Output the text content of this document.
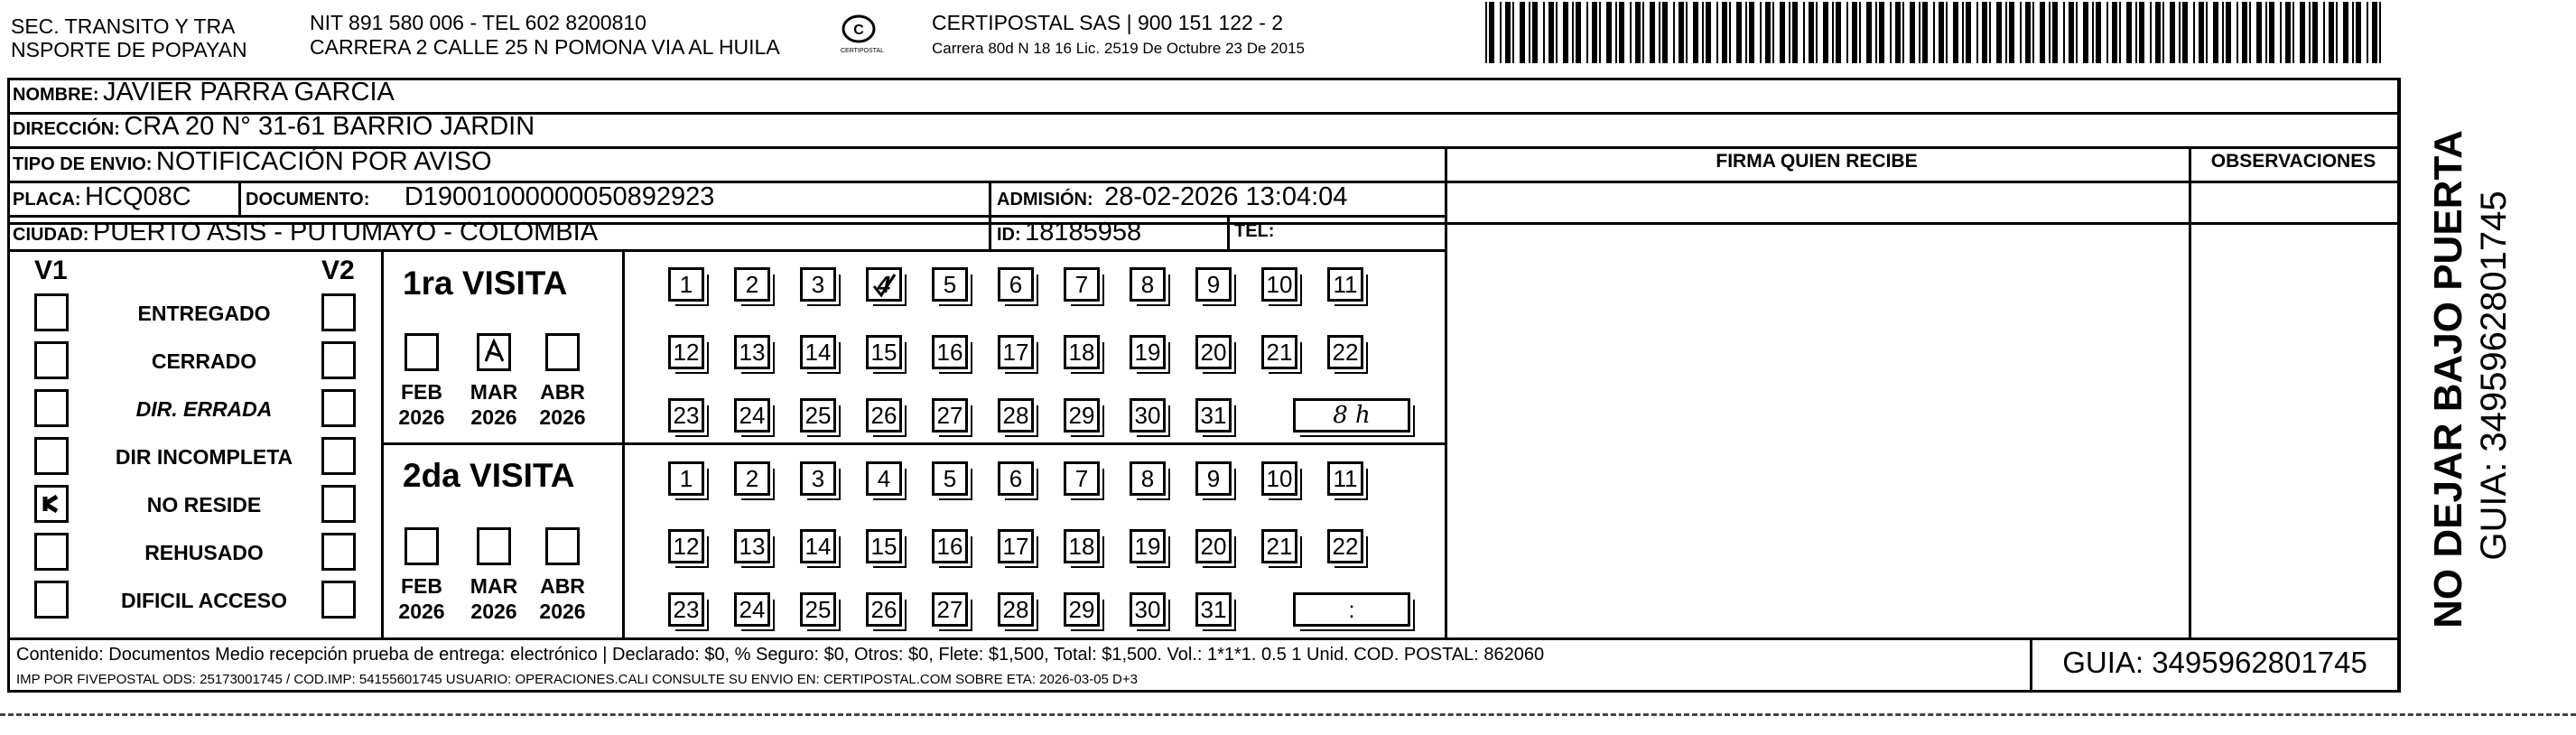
SEC. TRANSITO Y TRA
NSPORTE DE POPAYAN
NIT 891 580 006 - TEL 602 8200810
CARRERA 2 CALLE 25 N POMONA VIA AL HUILA
C
CERTIPOSTAL
CERTIPOSTAL SAS | 900 151 122 - 2
Carrera 80d N 18 16 Lic. 2519 De Octubre 23 De 2015
NOMBRE: JAVIER PARRA GARCIA
DIRECCIÓN: CRA 20 N° 31-61 BARRIO JARDIN
TIPO DE ENVIO: NOTIFICACIÓN POR AVISO
PLACA: HCQ08C	DOCUMENTO: D19001000000050892923	ADMISIÓN: 28-02-2026 13:04:04
CIUDAD: PUERTO ASIS - PUTUMAYO - COLOMBIA	ID: 18185958	TEL:
FIRMA QUIEN RECIBE	OBSERVACIONES
V1	V2
ENTREGADO
CERRADO
DIR. ERRADA
DIR INCOMPLETA
NO RESIDE
REHUSADO
DIFICIL ACCESO
1ra VISITA
2da VISITA
FEB
2026
MAR
2026
ABR
2026
1 2 3 4 5 6 7 8 9 10 11
12 13 14 15 16 17 18 19 20 21 22
23 24 25 26 27 28 29 30 31	8 h
FEB
2026
MAR
2026
ABR
2026
1 2 3 4 5 6 7 8 9 10 11
12 13 14 15 16 17 18 19 20 21 22
23 24 25 26 27 28 29 30 31	:
Contenido: Documentos Medio recepción prueba de entrega: electrónico | Declarado: $0, % Seguro: $0, Otros: $0, Flete: $1,500, Total: $1,500. Vol.: 1*1*1. 0.5 1 Unid. COD. POSTAL: 862060
IMP POR FIVEPOSTAL ODS: 25173001745 / COD.IMP: 54155601745 USUARIO: OPERACIONES.CALI CONSULTE SU ENVIO EN: CERTIPOSTAL.COM SOBRE ETA: 2026-03-05 D+3
GUIA: 3495962801745
NO DEJAR BAJO PUERTA GUIA: 3495962801745
